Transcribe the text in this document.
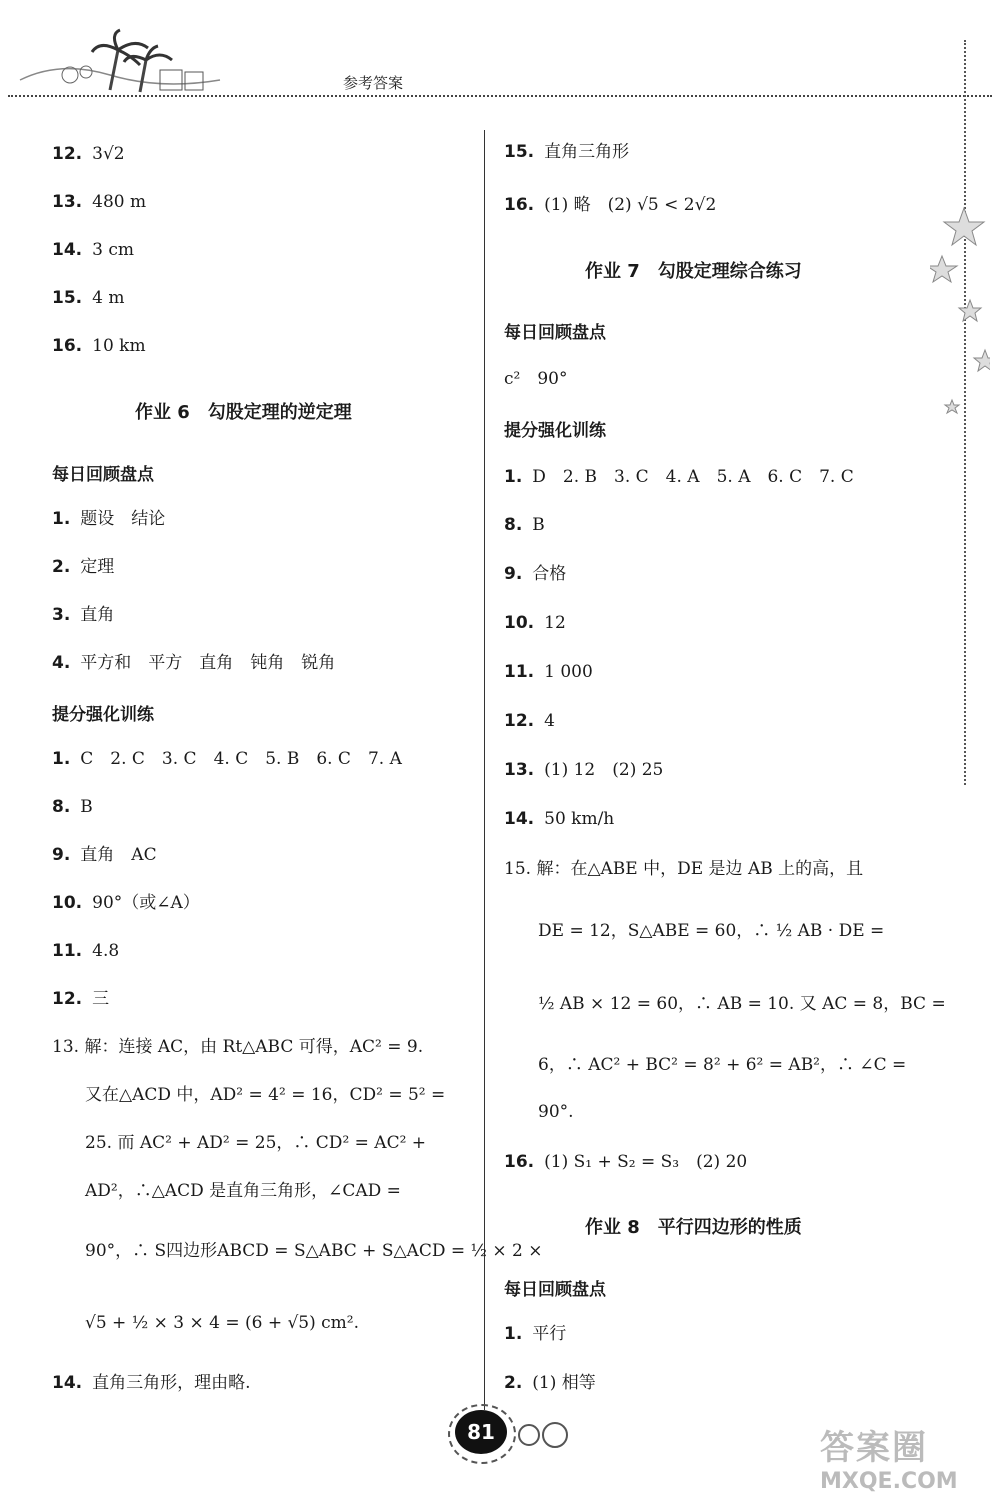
参考答案
12. 3√2
13. 480 m
14. 3 cm
15. 4 m
16. 10 km
作业 6　勾股定理的逆定理
每日回顾盘点
1. 题设　结论
2. 定理
3. 直角
4. 平方和　平方　直角　钝角　锐角
提分强化训练
1. C　2. C　3. C　4. C　5. B　6. C　7. A
8. B
9. 直角　AC
10. 90°（或∠A）
11. 4.8
12. 三
13. 解：连接 AC，由 Rt△ABC 可得，AC² = 9.
又在△ACD 中，AD² = 4² = 16，CD² = 5² =
25. 而 AC² + AD² = 25，∴ CD² = AC² +
AD²，∴△ACD 是直角三角形，∠CAD =
90°，∴ S四边形ABCD = S△ABC + S△ACD = ½ × 2 ×
√5 + ½ × 3 × 4 = (6 + √5) cm².
14. 直角三角形，理由略.
15. 直角三角形
16. (1) 略　(2) √5 < 2√2
作业 7　勾股定理综合练习
每日回顾盘点
c²　90°
提分强化训练
1. D　2. B　3. C　4. A　5. A　6. C　7. C
8. B
9. 合格
10. 12
11. 1 000
12. 4
13. (1) 12　(2) 25
14. 50 km/h
15. 解：在△ABE 中，DE 是边 AB 上的高，且
DE = 12，S△ABE = 60，∴ ½ AB · DE =
½ AB × 12 = 60，∴ AB = 10. 又 AC = 8，BC =
6，∴ AC² + BC² = 8² + 6² = AB²，∴ ∠C =
90°.
16. (1) S₁ + S₂ = S₃　(2) 20
作业 8　平行四边形的性质
每日回顾盘点
1. 平行
2. (1) 相等
81	答案圈
MXQE.COM
